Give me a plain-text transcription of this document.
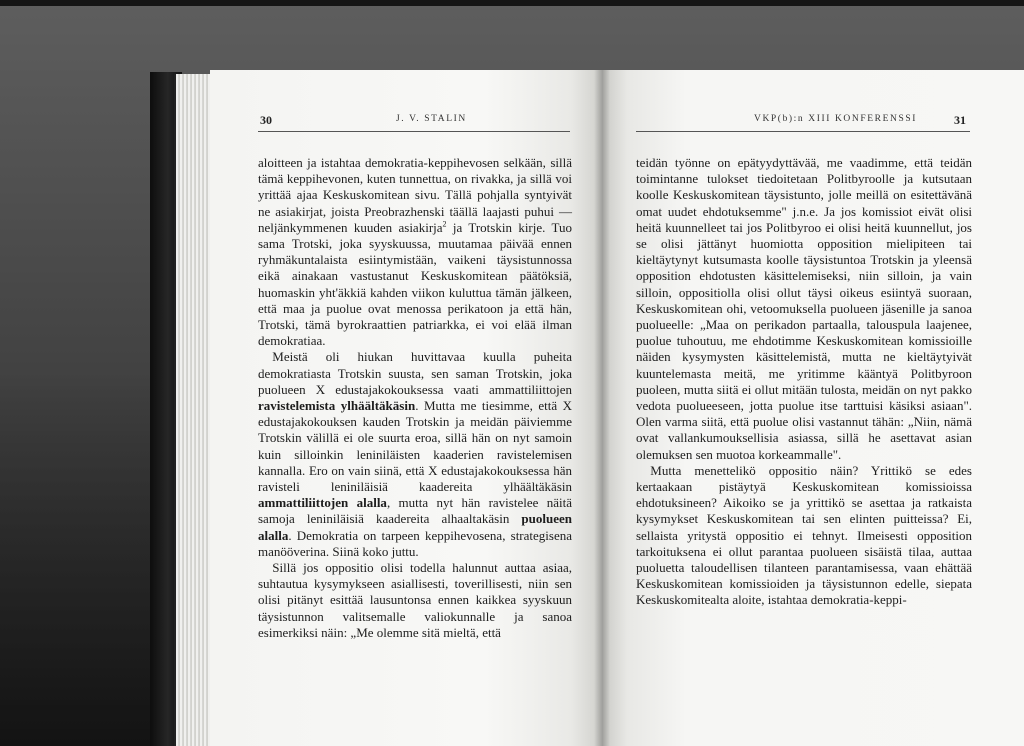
30	J. V. STALIN

aloitteen ja istahtaa demokratia-keppihevosen selkään, sillä tämä keppihevonen, kuten tunnettua, on rivakka, ja sillä voi yrittää ajaa Keskuskomitean sivu. Tällä pohjalla syntyivät ne asiakirjat, joista Preobrazhenski täällä laajasti puhui — neljänkymmenen kuuden asiakirja$^2$ ja Trotskin kirje. Tuo sama Trotski, joka syyskuussa, muutamaa päivää ennen ryhmäkuntalaista esiintymistään, vaikeni täysistunnossa eikä ainakaan vastustanut Keskuskomitean päätöksiä, huomaskin yht'äkkiä kahden viikon kuluttua tämän jälkeen, että maa ja puolue ovat menossa perikatoon ja että hän, Trotski, tämä byrokraattien patriarkka, ei voi elää ilman demokratiaa.

Meistä oli hiukan huvittavaa kuulla puheita demokratiasta Trotskin suusta, sen saman Trotskin, joka puolueen X edustajakokouksessa vaati ammattiliittojen ravistelemista ylhäältäkäsin. Mutta me tiesimme, että X edustajakokouksen kauden Trotskin ja meidän päiviemme Trotskin välillä ei ole suurta eroa, sillä hän on nyt samoin kuin silloinkin leniniläisten kaaderien ravistelemisen kannalla. Ero on vain siinä, että X edustajakokouksessa hän ravisteli leniniläisiä kaadereita ylhäältäkäsin ammattiliittojen alalla, mutta nyt hän ravistelee näitä samoja leniniläisiä kaadereita alhaaltakäsin puolueen alalla. Demokratia on tarpeen keppihevosena, strategisena manööverina. Siinä koko juttu.

Sillä jos oppositio olisi todella halunnut auttaa asiaa, suhtautua kysymykseen asiallisesti, toverillisesti, niin sen olisi pitänyt esittää lausuntonsa ennen kaikkea syyskuun täysistunnon valitsemalle valiokunnalle ja sanoa esimerkiksi näin: „Me olemme sitä mieltä, että

VKP(b):n XIII KONFERENSSI	31

teidän työnne on epätyydyttävää, me vaadimme, että teidän toimintanne tulokset tiedoitetaan Politbyroolle ja kutsutaan koolle Keskuskomitean täysistunto, jolle meillä on esitettävänä omat uudet ehdotuksemme" j.n.e. Ja jos komissiot eivät olisi heitä kuunnelleet tai jos Politbyroo ei olisi heitä kuunnellut, jos se olisi jättänyt huomiotta opposition mielipiteen tai kieltäytynyt kutsumasta koolle täysistuntoa Trotskin ja yleensä opposition ehdotusten käsittelemiseksi, niin silloin, ja vain silloin, oppositiolla olisi ollut täysi oikeus esiintyä suoraan, Keskuskomitean ohi, vetoomuksella puolueen jäsenille ja sanoa puolueelle: „Maa on perikadon partaalla, talouspula laajenee, puolue tuhoutuu, me ehdotimme Keskuskomitean komissioille näiden kysymysten käsittelemistä, mutta ne kieltäytyivät kuuntelemasta meitä, me yritimme kääntyä Politbyroon puoleen, mutta siitä ei ollut mitään tulosta, meidän on nyt pakko vedota puolueeseen, jotta puolue itse tarttuisi käsiksi asiaan". Olen varma siitä, että puolue olisi vastannut tähän: „Niin, nämä ovat vallankumouksellisia asiassa, sillä he asettavat asian olemuksen sen muotoa korkeammalle".

Mutta menettelikö oppositio näin? Yrittikö se edes kertaakaan pistäytyä Keskuskomitean komissioissa ehdotuksineen? Aikoiko se ja yrittikö se asettaa ja ratkaista kysymykset Keskuskomitean tai sen elinten puitteissa? Ei, sellaista yritystä oppositio ei tehnyt. Ilmeisesti opposition tarkoituksena ei ollut parantaa puolueen sisäistä tilaa, auttaa puoluetta taloudellisen tilanteen parantamisessa, vaan ehättää Keskuskomitean komissioiden ja täysistunnon edelle, siepata Keskuskomitealta aloite, istahtaa demokratia-keppi-
